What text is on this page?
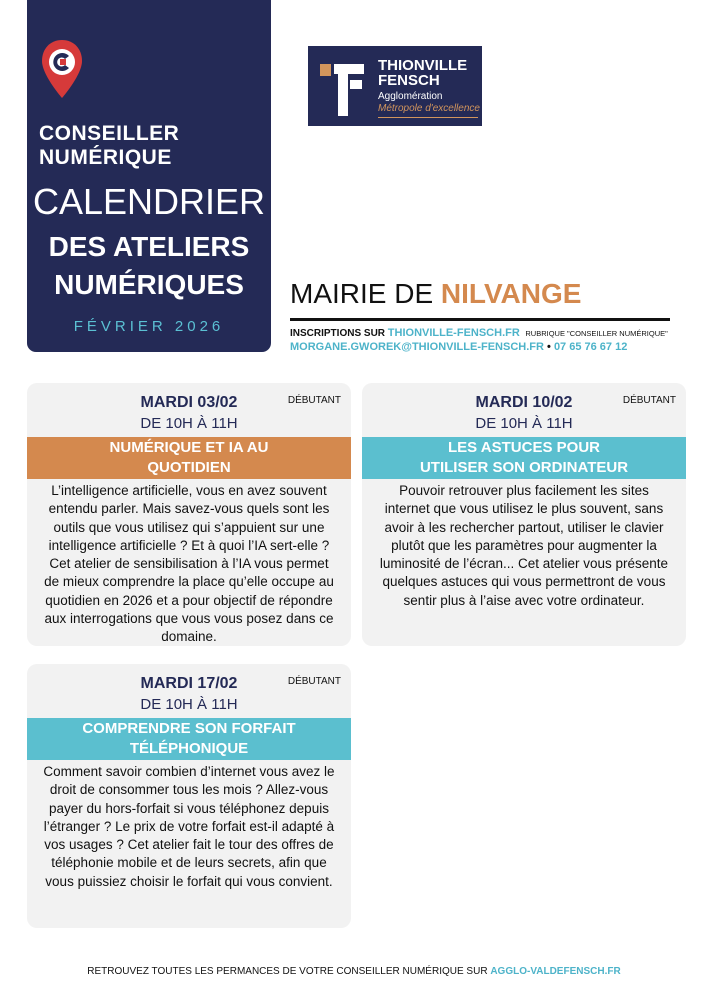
CONSEILLER
NUMÉRIQUE
CALENDRIER
DES ATELIERS
NUMÉRIQUES
FÉVRIER 2026
THIONVILLE
FENSCH
Agglomération
Métropole d'excellence
MAIRIE DE NILVANGE
INSCRIPTIONS SUR THIONVILLE-FENSCH.FR RUBRIQUE "CONSEILLER NUMÉRIQUE"
MORGANE.GWOREK@THIONVILLE-FENSCH.FR • 07 65 76 67 12
MARDI 03/02
DE 10H À 11H
DÉBUTANT
NUMÉRIQUE ET IA AU
QUOTIDIEN
L’intelligence artificielle, vous en avez souvent entendu parler. Mais savez-vous quels sont les outils que vous utilisez qui s’appuient sur une intelligence artificielle ? Et à quoi l’IA sert-elle ? Cet atelier de sensibilisation à l’IA vous permet de mieux comprendre la place qu’elle occupe au quotidien en 2026 et a pour objectif de répondre aux interrogations que vous vous posez dans ce domaine.
MARDI 10/02
DE 10H À 11H
DÉBUTANT
LES ASTUCES POUR
UTILISER SON ORDINATEUR
Pouvoir retrouver plus facilement les sites internet que vous utilisez le plus souvent, sans avoir à les rechercher partout, utiliser le clavier plutôt que les paramètres pour augmenter la luminosité de l’écran... Cet atelier vous présente quelques astuces qui vous permettront de vous sentir plus à l’aise avec votre ordinateur.
MARDI 17/02
DE 10H À 11H
DÉBUTANT
COMPRENDRE SON FORFAIT
TÉLÉPHONIQUE
Comment savoir combien d’internet vous avez le droit de consommer tous les mois ? Allez-vous payer du hors-forfait si vous téléphonez depuis l’étranger ? Le prix de votre forfait est-il adapté à vos usages ? Cet atelier fait le tour des offres de téléphonie mobile et de leurs secrets, afin que vous puissiez choisir le forfait qui vous convient.
RETROUVEZ TOUTES LES PERMANCES DE VOTRE CONSEILLER NUMÉRIQUE SUR AGGLO-VALDEFENSCH.FR
